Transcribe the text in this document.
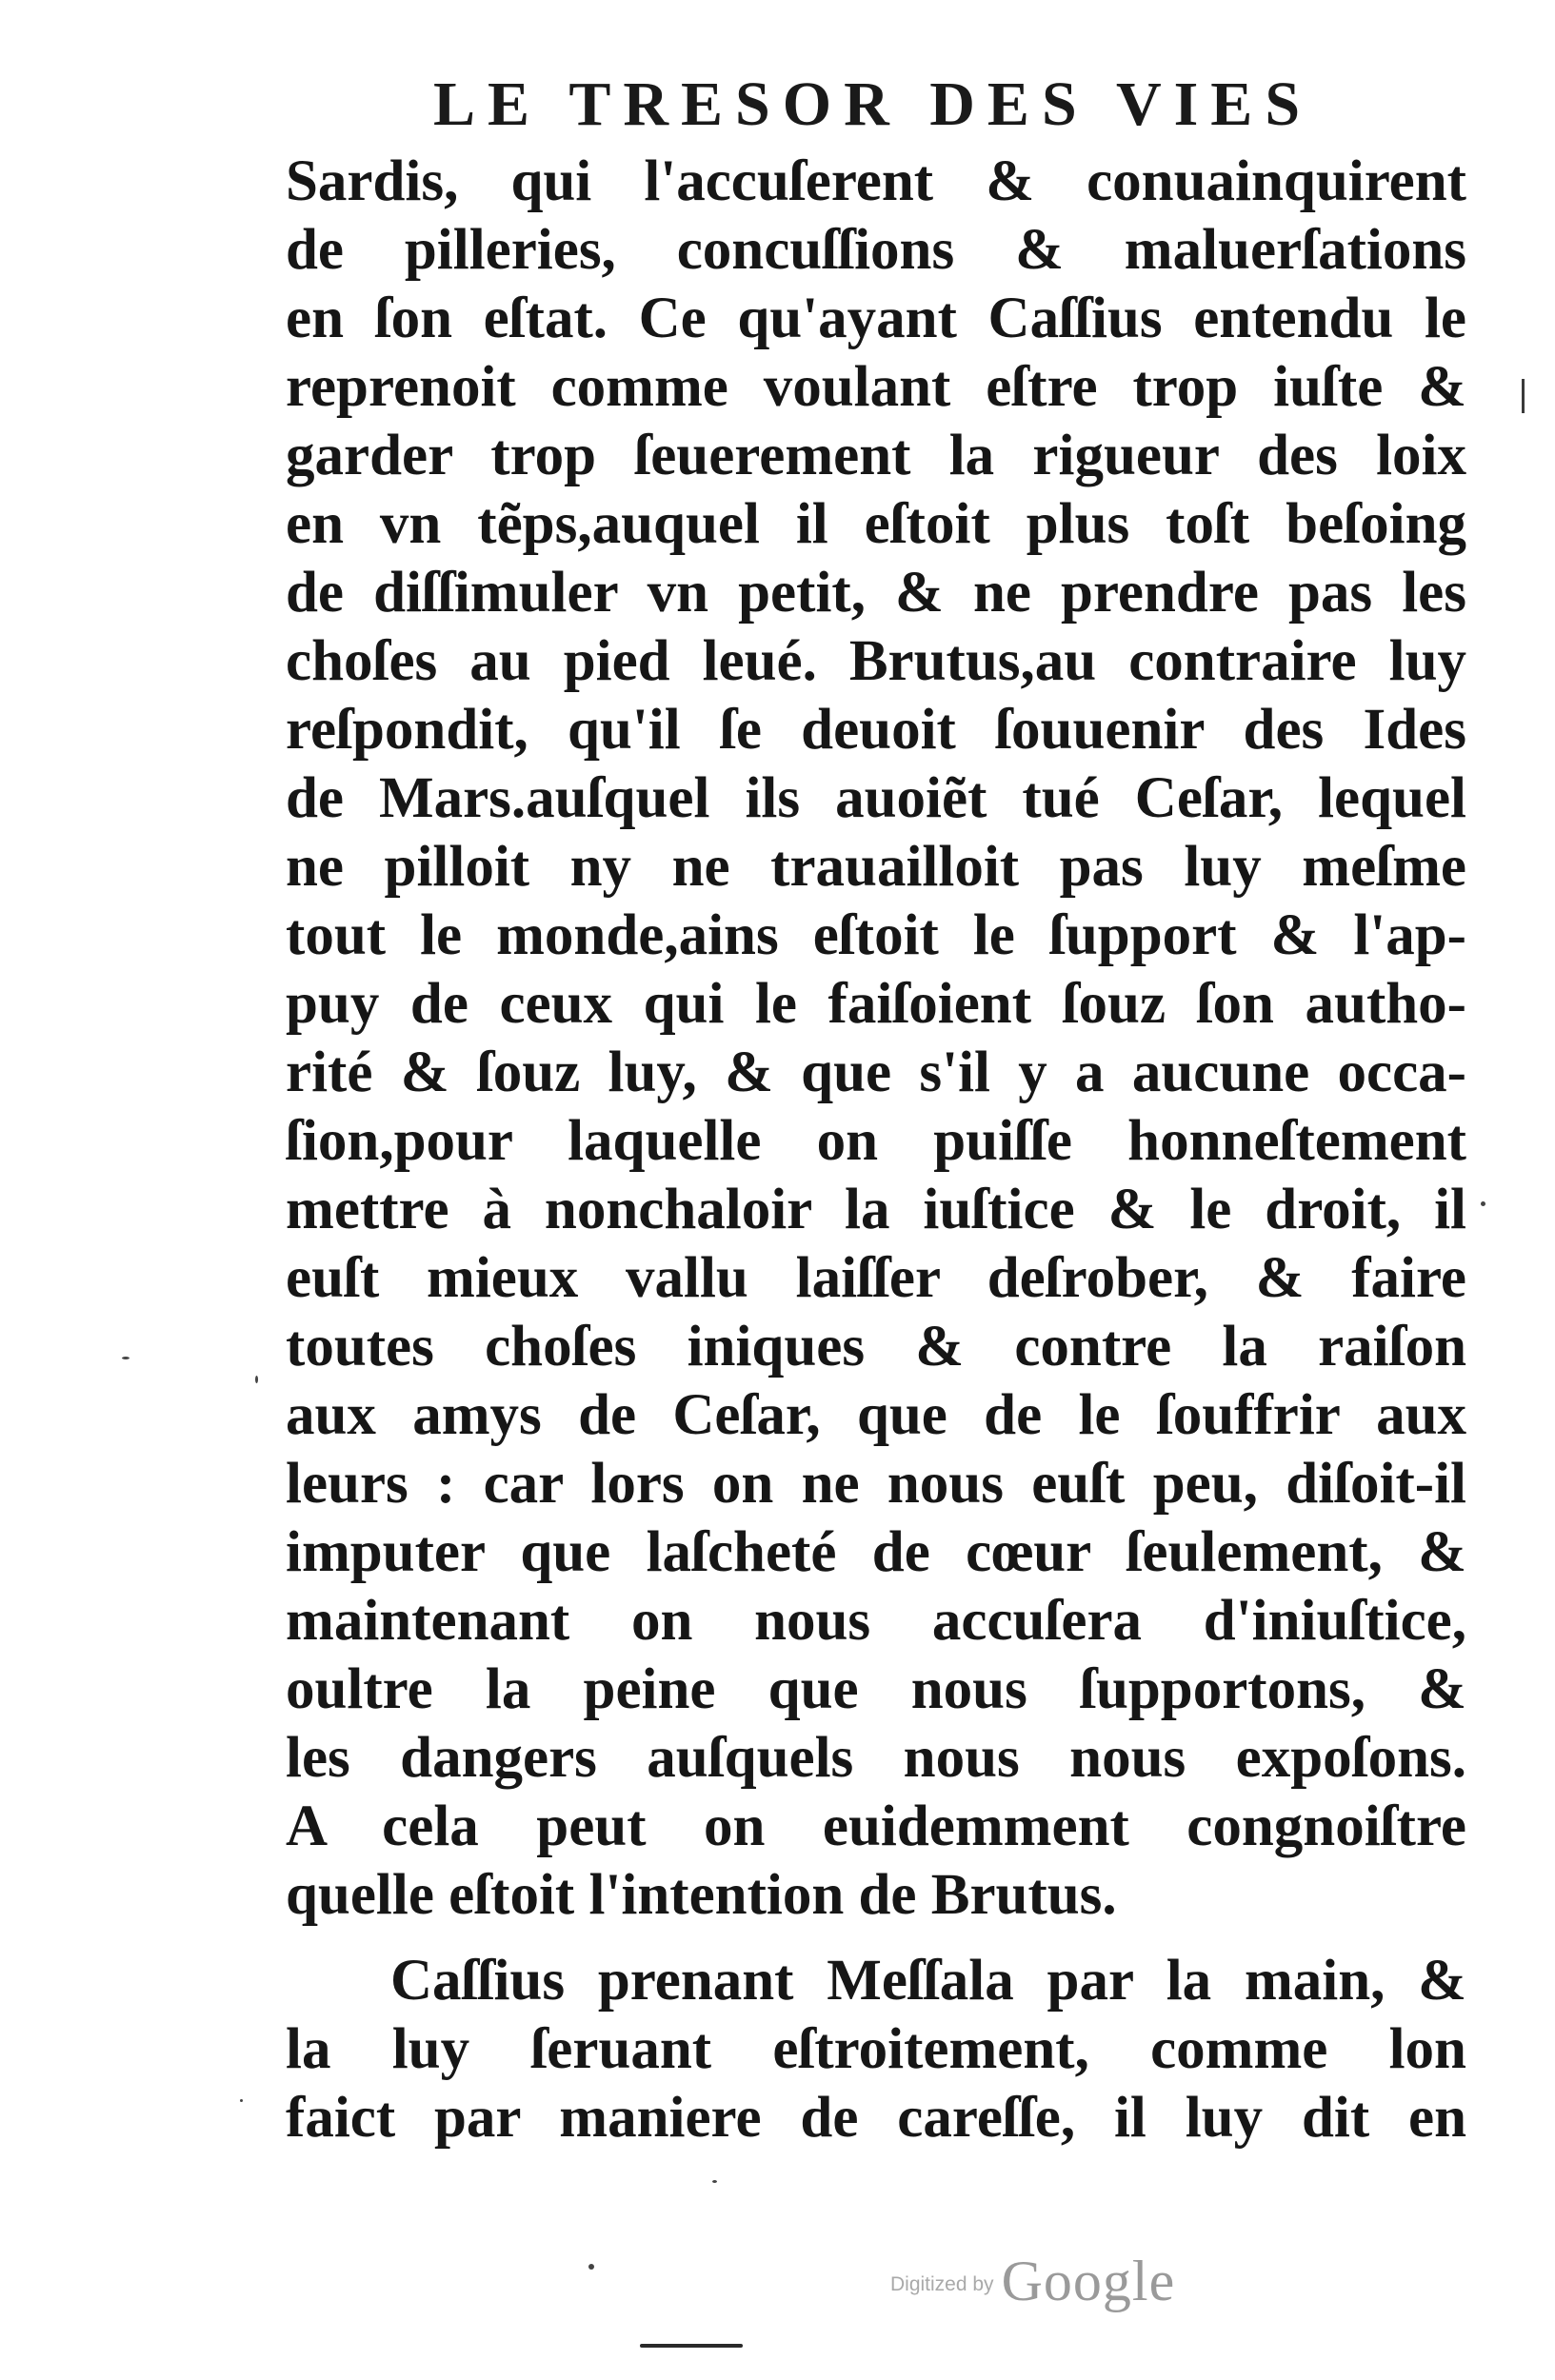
LE TRESOR DES VIES
Sardis, qui l'accuſerent & conuainquirent
de pilleries, concuſſions & maluerſations
en ſon eſtat. Ce qu'ayant Caſſius entendu le
reprenoit comme voulant eſtre trop iuſte &
garder trop ſeuerement la rigueur des loix
en vn tẽps,auquel il eſtoit plus toſt beſoing
de diſſimuler vn petit, & ne prendre pas les
choſes au pied leué. Brutus,au contraire luy
reſpondit, qu'il ſe deuoit ſouuenir des Ides
de Mars.auſquel ils auoiẽt tué Ceſar, lequel
ne pilloit ny ne trauailloit pas luy meſme
tout le monde,ains eſtoit le ſupport & l'ap-
puy de ceux qui le faiſoient ſouz ſon autho-
rité & ſouz luy, & que s'il y a aucune occa-
ſion,pour laquelle on puiſſe honneſtement
mettre à nonchaloir la iuſtice & le droit, il
euſt mieux vallu laiſſer deſrober, & faire
toutes choſes iniques & contre la raiſon
aux amys de Ceſar, que de le ſouffrir aux
leurs : car lors on ne nous euſt peu, diſoit-il
imputer que laſcheté de cœur ſeulement, &
maintenant on nous accuſera d'iniuſtice,
oultre la peine que nous ſupportons, &
les dangers auſquels nous nous expoſons.
A cela peut on euidemment congnoiſtre
quelle eſtoit l'intention de Brutus.
Caſſius prenant Meſſala par la main, &
la luy ſeruant eſtroitement, comme lon
faict par maniere de careſſe, il luy dit en
Digitized by Google
